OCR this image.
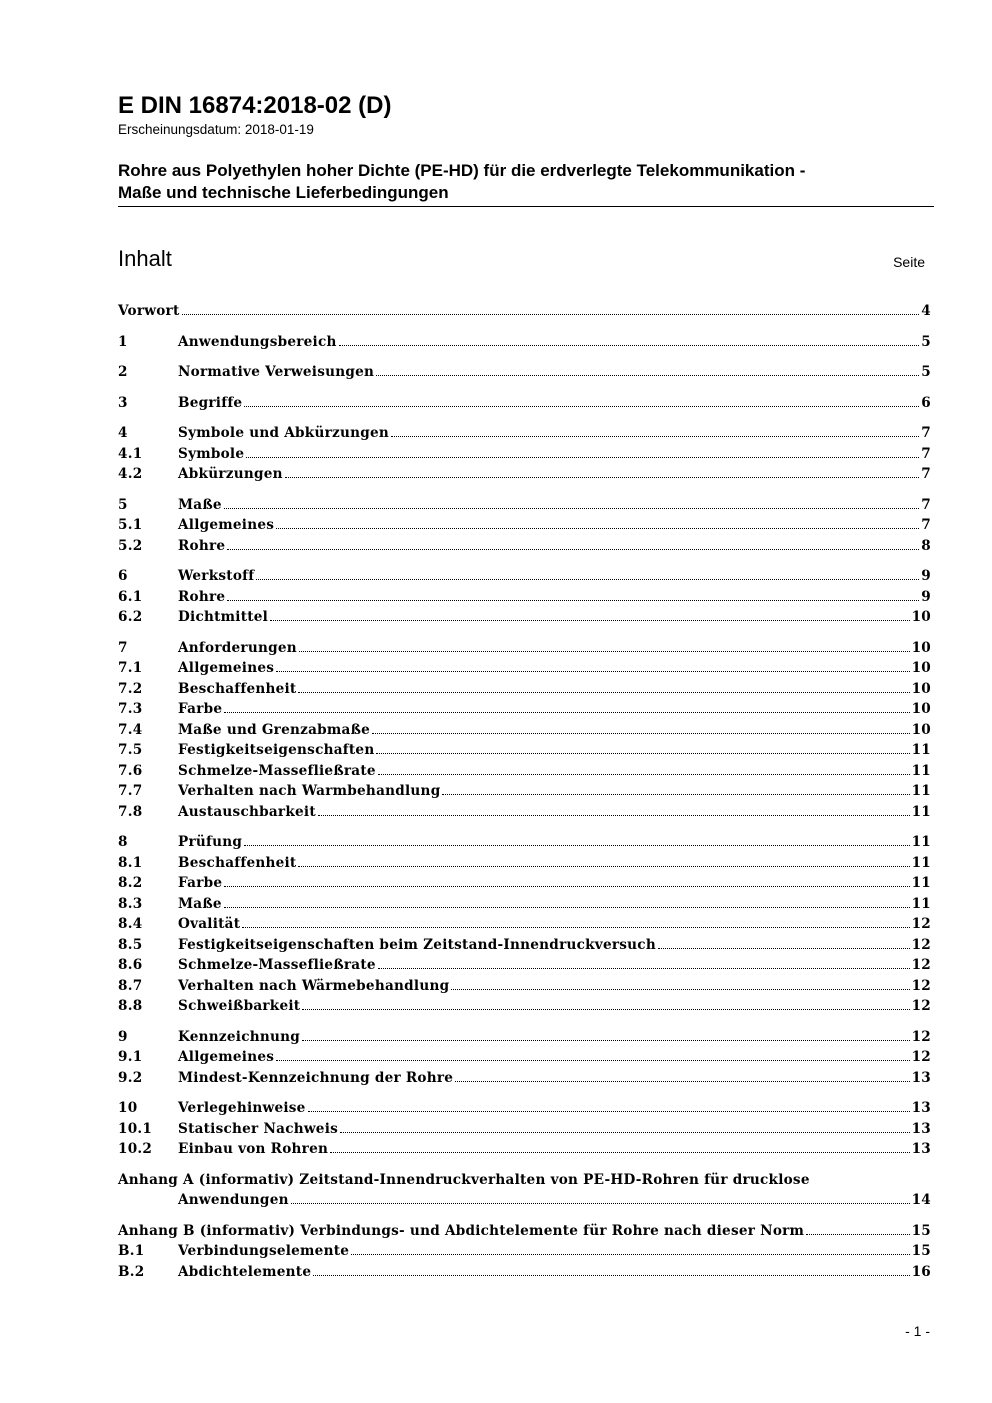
E DIN 16874:2018-02 (D)
Erscheinungsdatum: 2018-01-19
Rohre aus Polyethylen hoher Dichte (PE-HD) für die erdverlegte Telekommunikation -
Maße und technische Lieferbedingungen
Inhalt	Seite
Vorwort	4
1	Anwendungsbereich	5
2	Normative Verweisungen	5
3	Begriffe	6
4	Symbole und Abkürzungen	7
4.1	Symbole	7
4.2	Abkürzungen	7
5	Maße	7
5.1	Allgemeines	7
5.2	Rohre	8
6	Werkstoff	9
6.1	Rohre	9
6.2	Dichtmittel	10
7	Anforderungen	10
7.1	Allgemeines	10
7.2	Beschaffenheit	10
7.3	Farbe	10
7.4	Maße und Grenzabmaße	10
7.5	Festigkeitseigenschaften	11
7.6	Schmelze-Massefließrate	11
7.7	Verhalten nach Warmbehandlung	11
7.8	Austauschbarkeit	11
8	Prüfung	11
8.1	Beschaffenheit	11
8.2	Farbe	11
8.3	Maße	11
8.4	Ovalität	12
8.5	Festigkeitseigenschaften beim Zeitstand-Innendruckversuch	12
8.6	Schmelze-Massefließrate	12
8.7	Verhalten nach Wärmebehandlung	12
8.8	Schweißbarkeit	12
9	Kennzeichnung	12
9.1	Allgemeines	12
9.2	Mindest-Kennzeichnung der Rohre	13
10	Verlegehinweise	13
10.1	Statischer Nachweis	13
10.2	Einbau von Rohren	13
Anhang A (informativ) Zeitstand-Innendruckverhalten von PE-HD-Rohren für drucklose
Anwendungen	14
Anhang B (informativ) Verbindungs- und Abdichtelemente für Rohre nach dieser Norm	15
B.1	Verbindungselemente	15
B.2	Abdichtelemente	16
- 1 -
